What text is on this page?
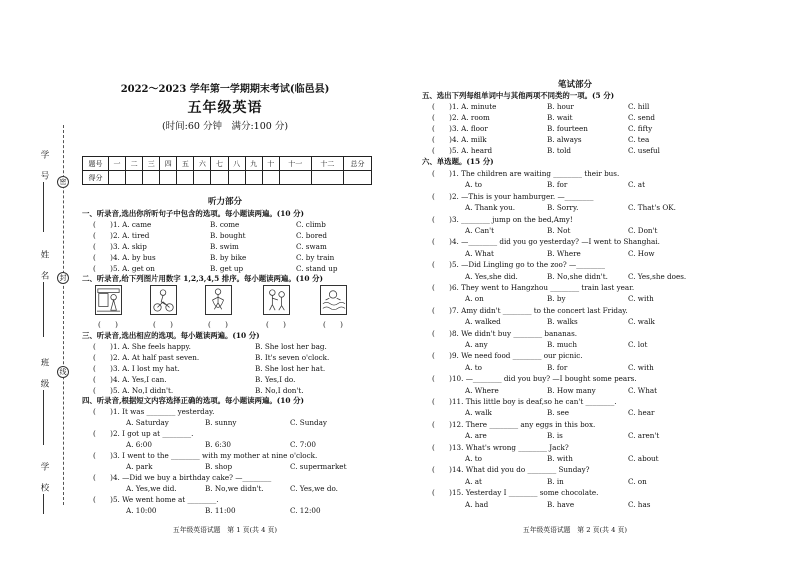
密
封
线
学　号
姓　名
班　级
学　校
2022～2023 学年第一学期期末考试(临邑县)
五年级英语
(时间:60 分钟　满分:100 分)
题号	一	二	三	四	五	六	七	八	九	十	十一	十二	总分
得分													
听力部分
一、听录音,选出你所听句子中包含的选项。每小题读两遍。(10 分)
(　　)1. A. came	B. come	C. climb
(　　)2. A. tired	B. bought	C. bored
(　　)3. A. skip	B. swim	C. swam
(　　)4. A. by bus	B. by bike	C. by train
(　　)5. A. get on	B. get up	C. stand up
二、听录音,给下列图片用数字 1,2,3,4,5 排序。每小题读两遍。(10 分)
(　　)	(　　)	(　　)	(　　)	(　　)
三、听录音,选出相应的选项。每小题读两遍。(10 分)
(　　)1. A. She feels happy.	B. She lost her bag.
(　　)2. A. At half past seven.	B. It's seven o'clock.
(　　)3. A. I lost my hat.	B. She lost her hat.
(　　)4. A. Yes,I can.	B. Yes,I do.
(　　)5. A. No,I didn't.	B. No,I don't.
四、听录音,根据短文内容选择正确的选项。每小题读两遍。(10 分)
(　　)1. It was ________ yesterday.
A. Saturday	B. sunny	C. Sunday
(　　)2. I got up at ________.
A. 6:00	B. 6:30	C. 7:00
(　　)3. I went to the ________ with my mother at nine o'clock.
A. park	B. shop	C. supermarket
(　　)4. —Did we buy a birthday cake? —________
A. Yes,we did.	B. No,we didn't.	C. Yes,we do.
(　　)5. We went home at ________.
A. 10:00	B. 11:00	C. 12:00
五年级英语试题　第 1 页(共 4 页)
笔试部分
五、选出下列每组单词中与其他两项不同类的一项。(5 分)
(　　)1. A. minute	B. hour	C. hill
(　　)2. A. room	B. wait	C. send
(　　)3. A. floor	B. fourteen	C. fifty
(　　)4. A. milk	B. always	C. tea
(　　)5. A. heard	B. told	C. useful
六、单选题。(15 分)
(　　)1. The children are waiting ________ their bus.
A. to	B. for	C. at
(　　)2. —This is your hamburger. —________
A. Thank you.	B. Sorry.	C. That's OK.
(　　)3. ________ jump on the bed,Amy!
A. Can't	B. Not	C. Don't
(　　)4. —________ did you go yesterday? —I went to Shanghai.
A. What	B. Where	C. How
(　　)5. —Did Lingling go to the zoo? —________
A. Yes,she did.	B. No,she didn't.	C. Yes,she does.
(　　)6. They went to Hangzhou ________ train last year.
A. on	B. by	C. with
(　　)7. Amy didn't ________ to the concert last Friday.
A. walked	B. walks	C. walk
(　　)8. We didn't buy ________ bananas.
A. any	B. much	C. lot
(　　)9. We need food ________ our picnic.
A. to	B. for	C. with
(　　)10. —________ did you buy? —I bought some pears.
A. Where	B. How many	C. What
(　　)11. This little boy is deaf,so he can't ________.
A. walk	B. see	C. hear
(　　)12. There ________ any eggs in this box.
A. are	B. is	C. aren't
(　　)13. What's wrong ________ Jack?
A. to	B. with	C. about
(　　)14. What did you do ________ Sunday?
A. at	B. in	C. on
(　　)15. Yesterday I ________ some chocolate.
A. had	B. have	C. has
五年级英语试题　第 2 页(共 4 页)
